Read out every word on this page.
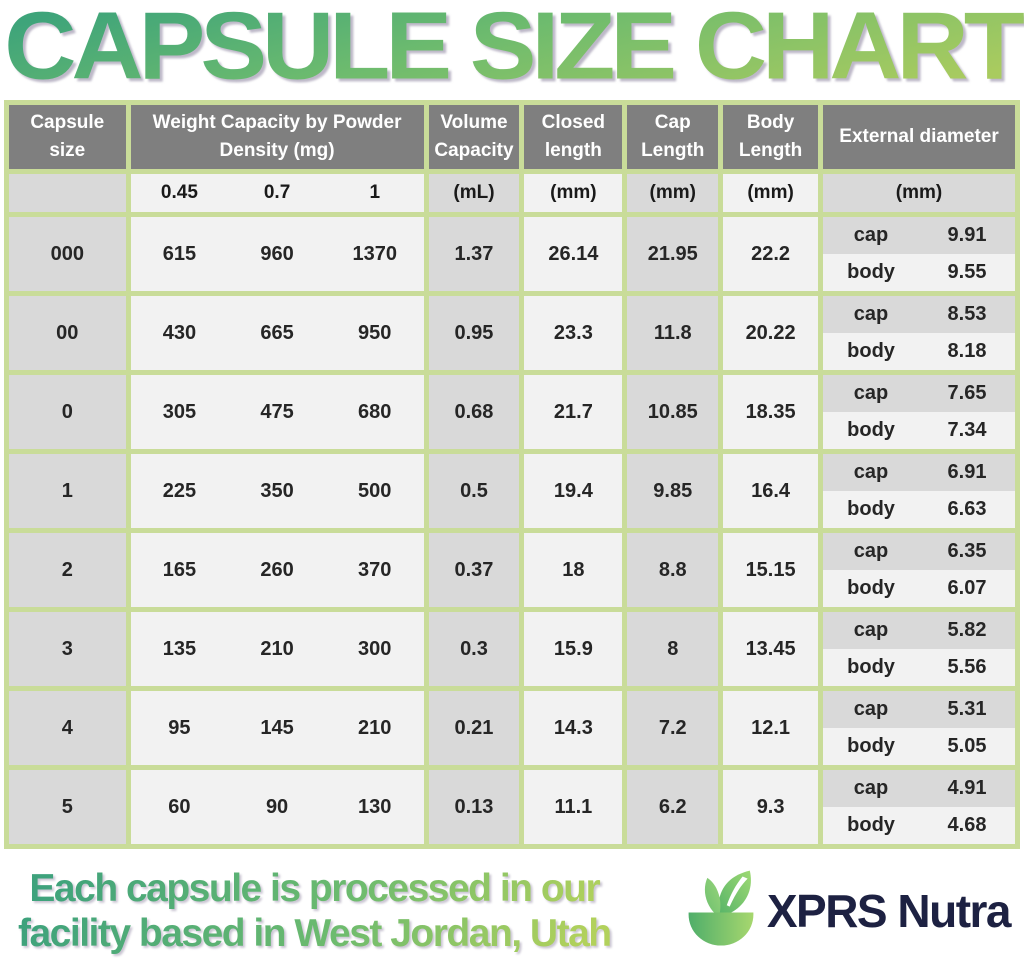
CAPSULE SIZE CHART
Capsule size	Weight Capacity by Powder Density (mg)	Volume Capacity	Closed length	Cap Length	Body Length	External diameter

	0.45 0.7 1	(mL)	(mm)	(mm)	(mm)	(mm)
000	615	960	1370	1.37	26.14	21.95	22.2	
cap	9.91
body	9.55

00	430	665	950	0.95	23.3	11.8	20.22	
cap	8.53
body	8.18

0	305	475	680	0.68	21.7	10.85	18.35	
cap	7.65
body	7.34

1	225	350	500	0.5	19.4	9.85	16.4	
cap	6.91
body	6.63

2	165	260	370	0.37	18	8.8	15.15	
cap	6.35
body	6.07

3	135	210	300	0.3	15.9	8	13.45	
cap	5.82
body	5.56

4	95	145	210	0.21	14.3	7.2	12.1	
cap	5.31
body	5.05

5	60	90	130	0.13	11.1	6.2	9.3	
cap	4.91
body	4.68
Each capsule is processed in our
facility based in West Jordan, Utah	XPRS Nutra
